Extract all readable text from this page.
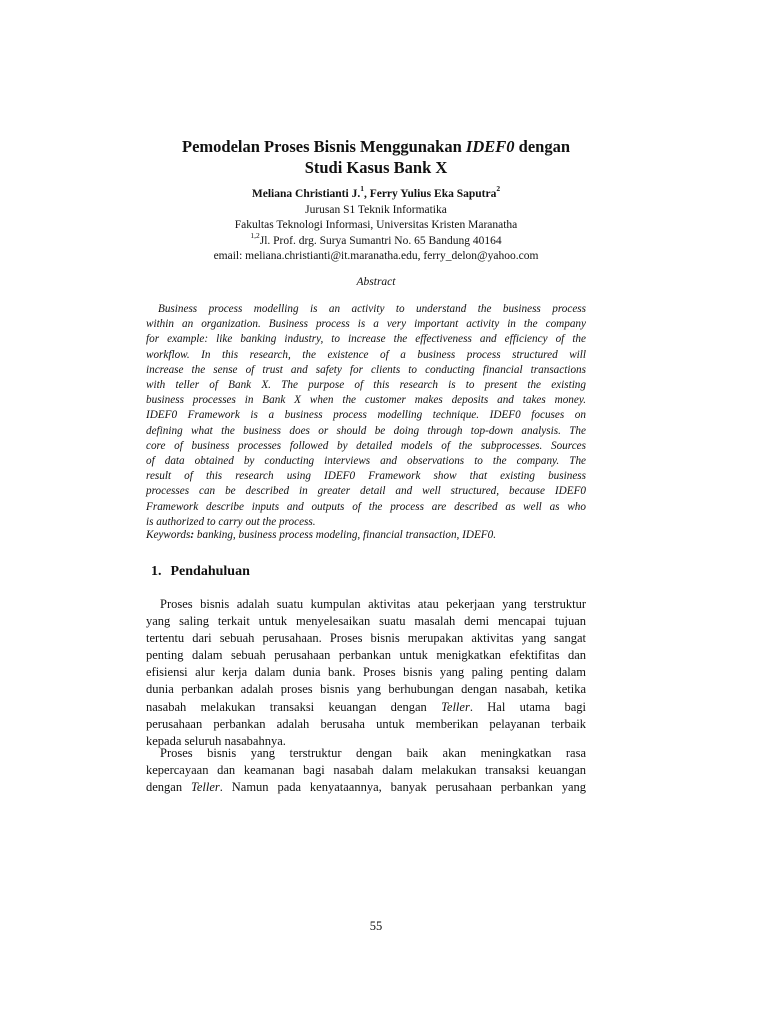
Pemodelan Proses Bisnis Menggunakan IDEF0 dengan
Studi Kasus Bank X
Meliana Christianti J.$^1$, Ferry Yulius Eka Saputra$^2$
Jurusan S1 Teknik Informatika
Fakultas Teknologi Informasi, Universitas Kristen Maranatha
$^{1,2}$Jl. Prof. drg. Surya Sumantri No. 65 Bandung 40164
email: meliana.christianti@it.maranatha.edu, ferry_delon@yahoo.com
Abstract
Business process modelling is an activity to understand the business process
within an organization. Business process is a very important activity in the company
for example: like banking industry, to increase the effectiveness and efficiency of the
workflow. In this research, the existence of a business process structured will
increase the sense of trust and safety for clients to conducting financial transactions
with teller of Bank X. The purpose of this research is to present the existing
business processes in Bank X when the customer makes deposits and takes money.
IDEF0 Framework is a business process modelling technique. IDEF0 focuses on
defining what the business does or should be doing through top-down analysis. The
core of business processes followed by detailed models of the subprocesses. Sources
of data obtained by conducting interviews and observations to the company. The
result of this research using IDEF0 Framework show that existing business
processes can be described in greater detail and well structured, because IDEF0
Framework describe inputs and outputs of the process are described as well as who
is authorized to carry out the process.
Keywords: banking, business process modeling, financial transaction, IDEF0.
1. Pendahuluan
Proses bisnis adalah suatu kumpulan aktivitas atau pekerjaan yang terstruktur
yang saling terkait untuk menyelesaikan suatu masalah demi mencapai tujuan
tertentu dari sebuah perusahaan. Proses bisnis merupakan aktivitas yang sangat
penting dalam sebuah perusahaan perbankan untuk menigkatkan efektifitas dan
efisiensi alur kerja dalam dunia bank. Proses bisnis yang paling penting dalam
dunia perbankan adalah proses bisnis yang berhubungan dengan nasabah, ketika
nasabah melakukan transaksi keuangan dengan Teller. Hal utama bagi
perusahaan perbankan adalah berusaha untuk memberikan pelayanan terbaik
kepada seluruh nasabahnya.
Proses bisnis yang terstruktur dengan baik akan meningkatkan rasa
kepercayaan dan keamanan bagi nasabah dalam melakukan transaksi keuangan
dengan Teller. Namun pada kenyataannya, banyak perusahaan perbankan yang
55
